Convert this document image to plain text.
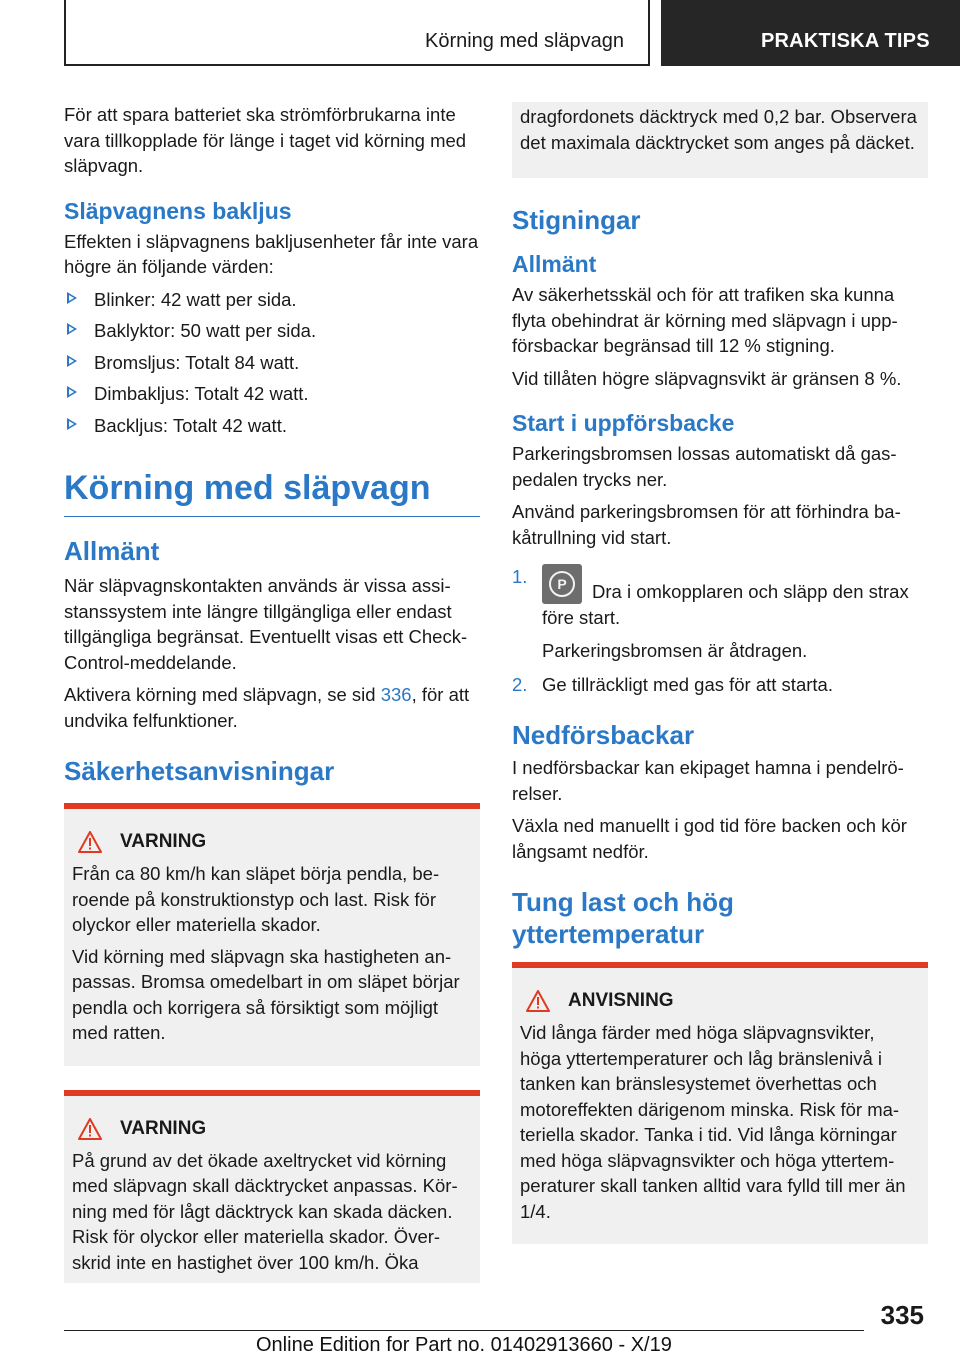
Körning med släpvagn	PRAKTISKA TIPS

För att spara batteriet ska strömförbrukarna inte vara tillkopplade för länge i taget vid körning med släpvagn.

Släpvagnens bakljus

Effekten i släpvagnens bakljusenheter får inte vara högre än följande värden:

Blinker: 42 watt per sida.
Baklyktor: 50 watt per sida.
Bromsljus: Totalt 84 watt.
Dimbakljus: Totalt 42 watt.
Backljus: Totalt 42 watt.
Körning med släpvagn
Allmänt

När släpvagnskontakten används är vissa assistanssystem inte längre tillgängliga eller endast tillgängliga begränsat. Eventuellt visas ett Check-Control-meddelande.

Aktivera körning med släpvagn, se sid 336, för att undvika felfunktioner.

Säkerhetsanvisningar
VARNING

Från ca 80 km/h kan släpet börja pendla, beroende på konstruktionstyp och last. Risk för olyckor eller materiella skador.

Vid körning med släpvagn ska hastigheten anpassas. Bromsa omedelbart in om släpet börjar pendla och korrigera så försiktigt som möjligt med ratten.

VARNING

På grund av det ökade axeltrycket vid körning med släpvagn skall däcktrycket anpassas. Körning med för lågt däcktryck kan skada däcken. Risk för olyckor eller materiella skador. Överskrid inte en hastighet över 100 km/h. Öka

dragfordonets däcktryck med 0,2 bar. Observera det maximala däcktrycket som anges på däcket.

Stigningar
Allmänt

Av säkerhetsskäl och för att trafiken ska kunna flyta obehindrat är körning med släpvagn i uppförsbackar begränsad till 12 % stigning.

Vid tillåten högre släpvagnsvikt är gränsen 8 %.

Start i uppförsbacke

Parkeringsbromsen lossas automatiskt då gaspedalen trycks ner.

Använd parkeringsbromsen för att förhindra bakåtrullning vid start.

1.	P	Dra i omkopplaren och släpp den strax före start.

Parkeringsbromsen är åtdragen.

2. Ge tillräckligt med gas för att starta.
Nedförsbackar

I nedförsbackar kan ekipaget hamna i pendelrörelser.

Växla ned manuellt i god tid före backen och kör långsamt nedför.

Tung last och hög yttertemperatur
ANVISNING

Vid långa färder med höga släpvagnsvikter, höga yttertemperaturer och låg bränslenivå i tanken kan bränslesystemet överhettas och motoreffekten därigenom minska. Risk för materiella skador. Tanka i tid. Vid långa körningar med höga släpvagnsvikter och höga yttertemperaturer skall tanken alltid vara fylld till mer än 1/4.

335
Online Edition for Part no. 01402913660 - X/19
